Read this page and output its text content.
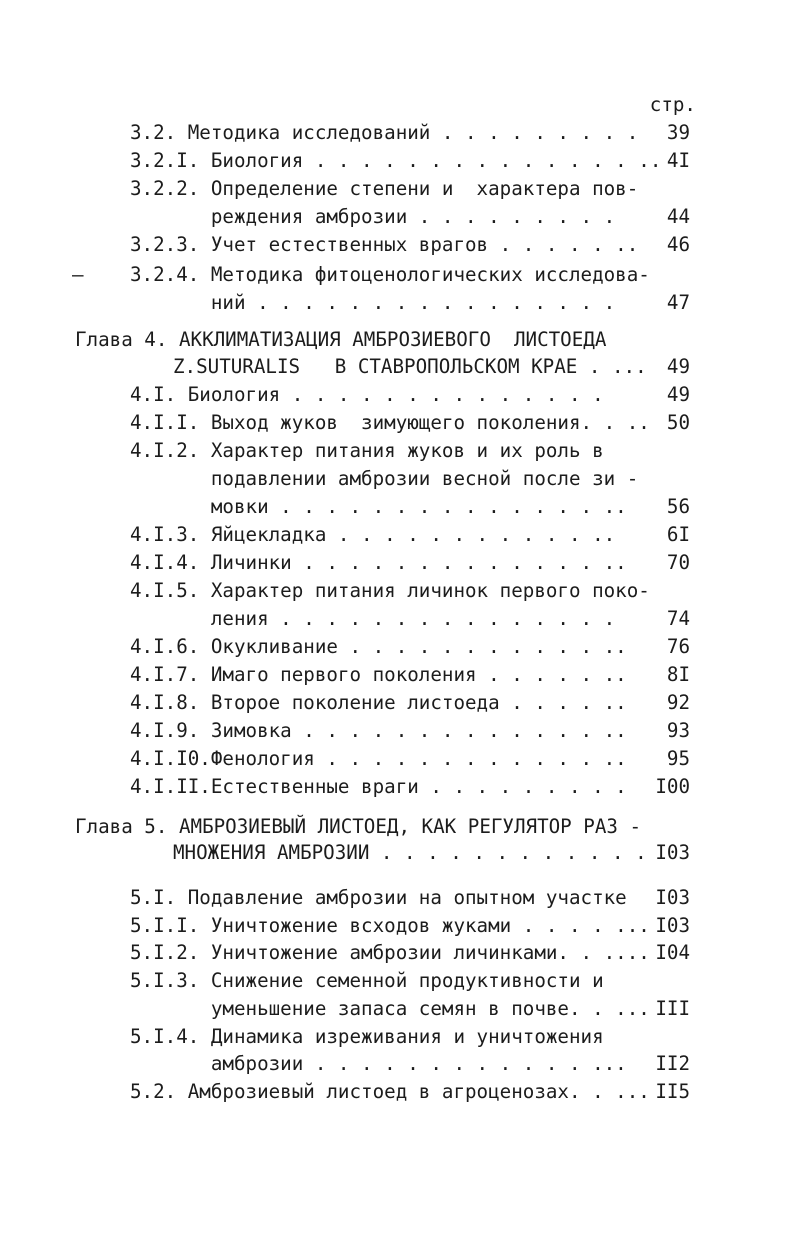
стр.
–
3.2. Методика исследований . . . . . . . . .	39
3.2.I. Биология . . . . . . . . . . . . . . .. 4I
3.2.2. Определение степени и  характера пов-
реждения амброзии . . . . . . . . .	44
3.2.3. Учет естественных врагов . . . . . ..	46
3.2.4. Методика фитоценологических исследова-
ний . . . . . . . . . . . . . . . .	47
Глава 4. АККЛИМАТИЗАЦИЯ АМБРОЗИЕВОГО  ЛИСТОЕДА
Z.SUTURALIS   В СТАВРОПОЛЬСКОМ КРАЕ . ...	49
4.I. Биология . . . . . . . . . . . . . .	49
4.I.I. Выход жуков  зимующего поколения. . .. 50
4.I.2. Характер питания жуков и их роль в
подавлении амброзии весной после зи -
мовки . . . . . . . . . . . . . . ..	56
4.I.3. Яйцекладка . . . . . . . . . . . ..	6I
4.I.4. Личинки . . . . . . . . . . . . . ..	70
4.I.5. Характер питания личинок первого поко-
ления . . . . . . . . . . . . . . .	74
4.I.6. Окукливание . . . . . . . . . . . ..	76
4.I.7. Имаго первого поколения . . . . . ..	8I
4.I.8. Второе поколение листоеда . . . . ..	92
4.I.9. Зимовка . . . . . . . . . . . . . ..	93
4.I.I0.Фенология . . . . . . . . . . . . ..	95
4.I.II.Естественные враги . . . . . . . . .	I00
Глава 5. АМБРОЗИЕВЫЙ ЛИСТОЕД, КАК РЕГУЛЯТОР РАЗ -
МНОЖЕНИЯ АМБРОЗИИ . . . . . . . . . . . . I03
5.I. Подавление амброзии на опытном участке	I03
5.I.I. Уничтожение всходов жуками . . . . ... I03
5.I.2. Уничтожение амброзии личинками. . .... I04
5.I.3. Снижение семенной продуктивности и
уменьшение запаса семян в почве. . ... III
5.I.4. Динамика изреживания и уничтожения
амброзии . . . . . . . . . . . . ...	II2
5.2. Амброзиевый листоед в агроценозах. . ... II5
